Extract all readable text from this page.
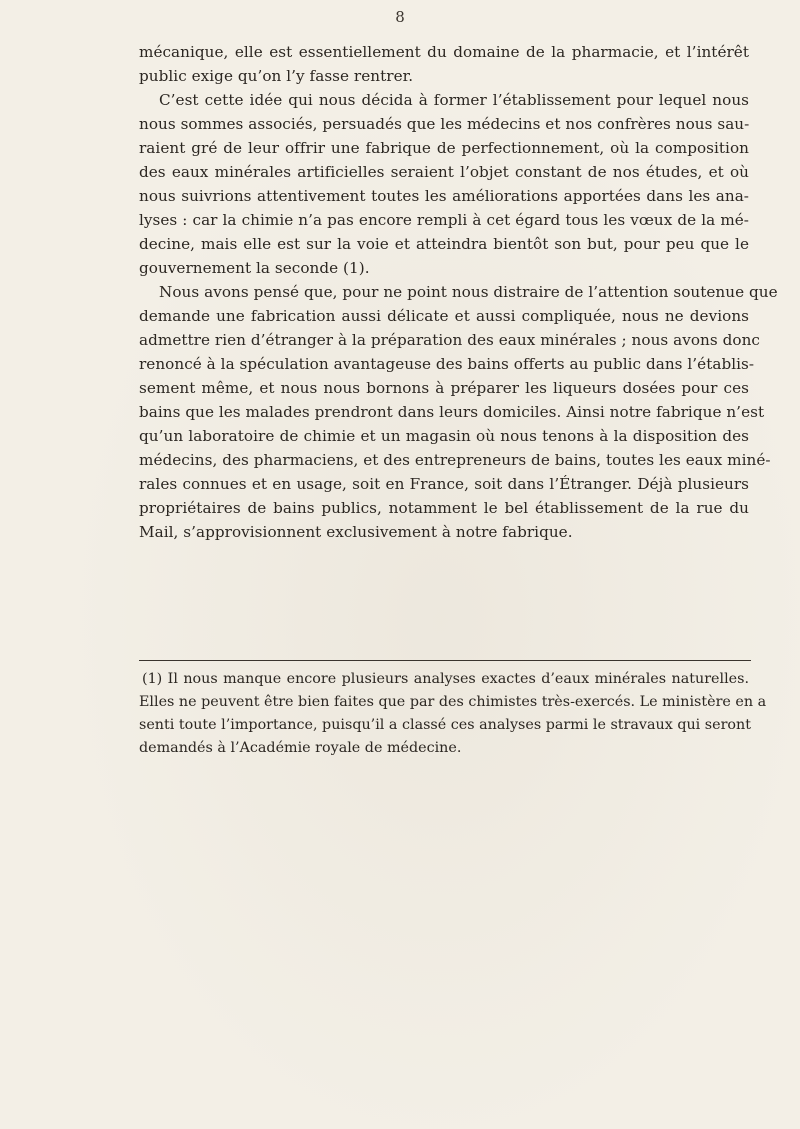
8
mécanique, elle est essentiellement du domaine de la pharmacie, et l’intérêt
public exige qu’on l’y fasse rentrer.
C’est cette idée qui nous décida à former l’établissement pour lequel nous
nous sommes associés, persuadés que les médecins et nos confrères nous sau-
raient gré de leur offrir une fabrique de perfectionnement, où la composition
des eaux minérales artificielles seraient l’objet constant de nos études, et où
nous suivrions attentivement toutes les améliorations apportées dans les ana-
lyses : car la chimie n’a pas encore rempli à cet égard tous les vœux de la mé-
decine, mais elle est sur la voie et atteindra bientôt son but, pour peu que le
gouvernement la seconde (1).
Nous avons pensé que, pour ne point nous distraire de l’attention soutenue que
demande une fabrication aussi délicate et aussi compliquée, nous ne devions
admettre rien d’étranger à la préparation des eaux minérales ; nous avons donc
renoncé à la spéculation avantageuse des bains offerts au public dans l’établis-
sement même, et nous nous bornons à préparer les liqueurs dosées pour ces
bains que les malades prendront dans leurs domiciles. Ainsi notre fabrique n’est
qu’un laboratoire de chimie et un magasin où nous tenons à la disposition des
médecins, des pharmaciens, et des entrepreneurs de bains, toutes les eaux miné-
rales connues et en usage, soit en France, soit dans l’Étranger. Déjà plusieurs
propriétaires de bains publics, notamment le bel établissement de la rue du
Mail, s’approvisionnent exclusivement à notre fabrique.
(1) Il nous manque encore plusieurs analyses exactes d’eaux minérales naturelles.
Elles ne peuvent être bien faites que par des chimistes très-exercés. Le ministère en a
senti toute l’importance, puisqu’il a classé ces analyses parmi le stravaux qui seront
demandés à l’Académie royale de médecine.
